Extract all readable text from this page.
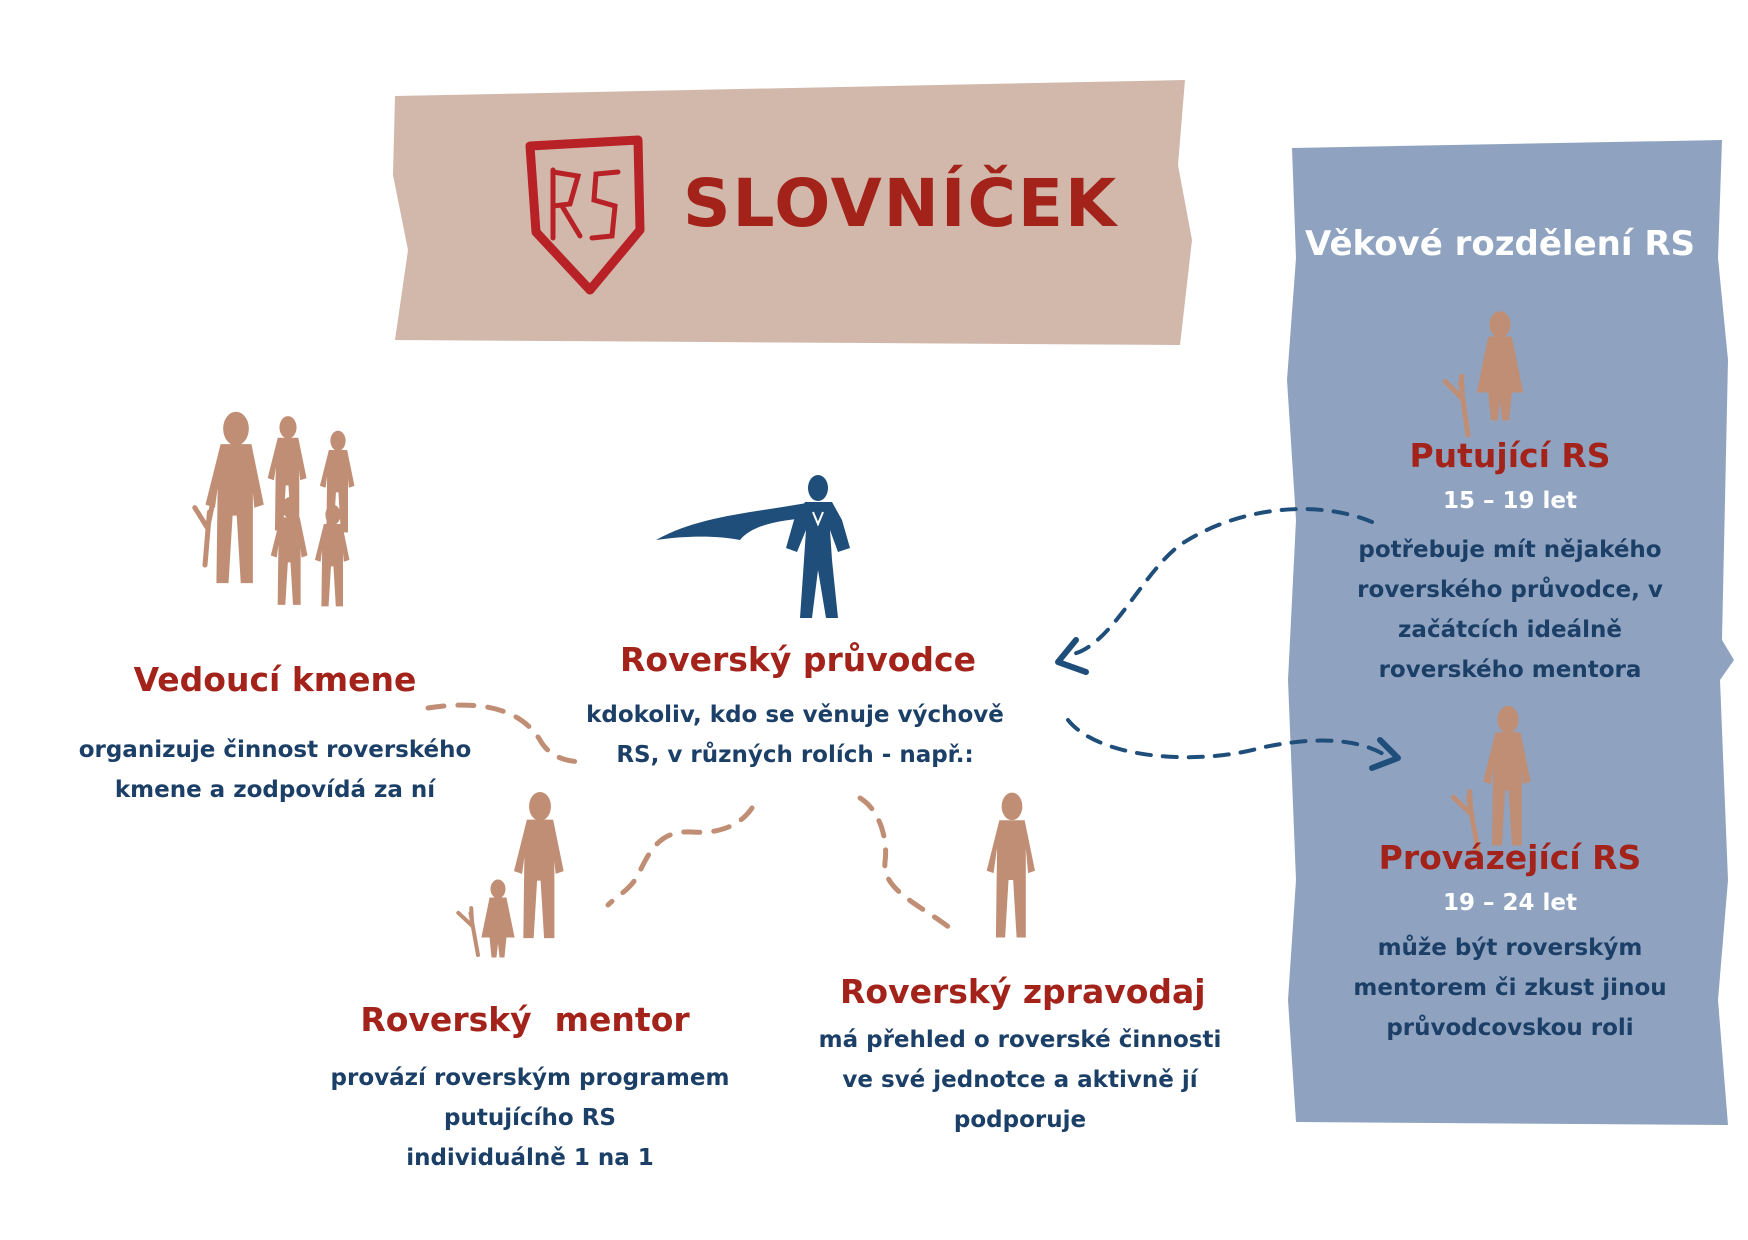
SLOVNÍČEK
Roverský průvodce
kdokoliv, kdo se věnuje výchově RS, v různých rolích - např.:
Vedoucí kmene
organizuje činnost roverského kmene a zodpovídá za ní
Roverský  mentor
provází roverským programem
putujícího RS
individuálně 1 na 1
Roverský zpravodaj
má přehled o roverské činnosti
ve své jednotce a aktivně jí
podporuje
Věkové rozdělení RS
Putující RS
15 – 19 let
potřebuje mít nějakého
roverského průvodce, v
začátcích ideálně
roverského mentora
Provázející RS
19 – 24 let
může být roverským
mentorem či zkust jinou
průvodcovskou roli
